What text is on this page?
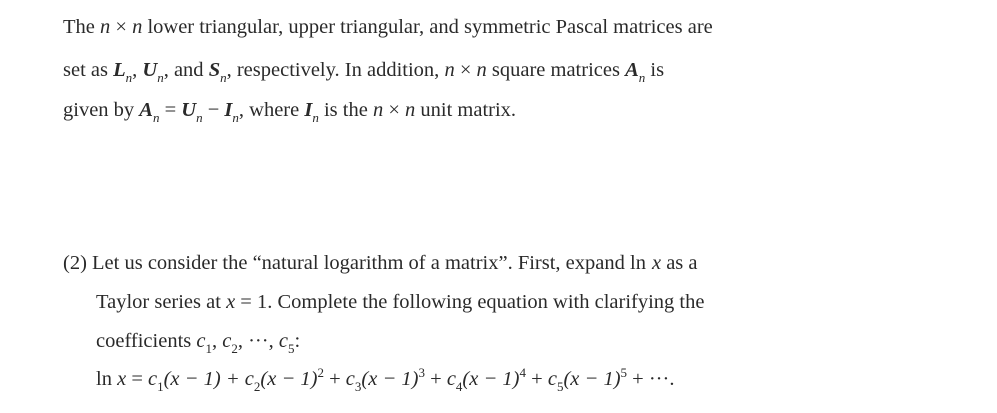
The n × n lower triangular, upper triangular, and symmetric Pascal matrices are
set as $L_n$, $U_n$, and $S_n$, respectively. In addition, n × n square matrices $A_n$ is
given by $A_n = U_n - I_n$, where $I_n$ is the n × n unit matrix.
(2) Let us consider the “natural logarithm of a matrix”. First, expand ln x as a
Taylor series at x = 1. Complete the following equation with clarifying the
coefficients $c_1$, $c_2$, ···, $c_5$:
$\ln x = c_1(x - 1) + c_2(x - 1)^2 + c_3(x - 1)^3 + c_4(x - 1)^4 + c_5(x - 1)^5$ + ···.
